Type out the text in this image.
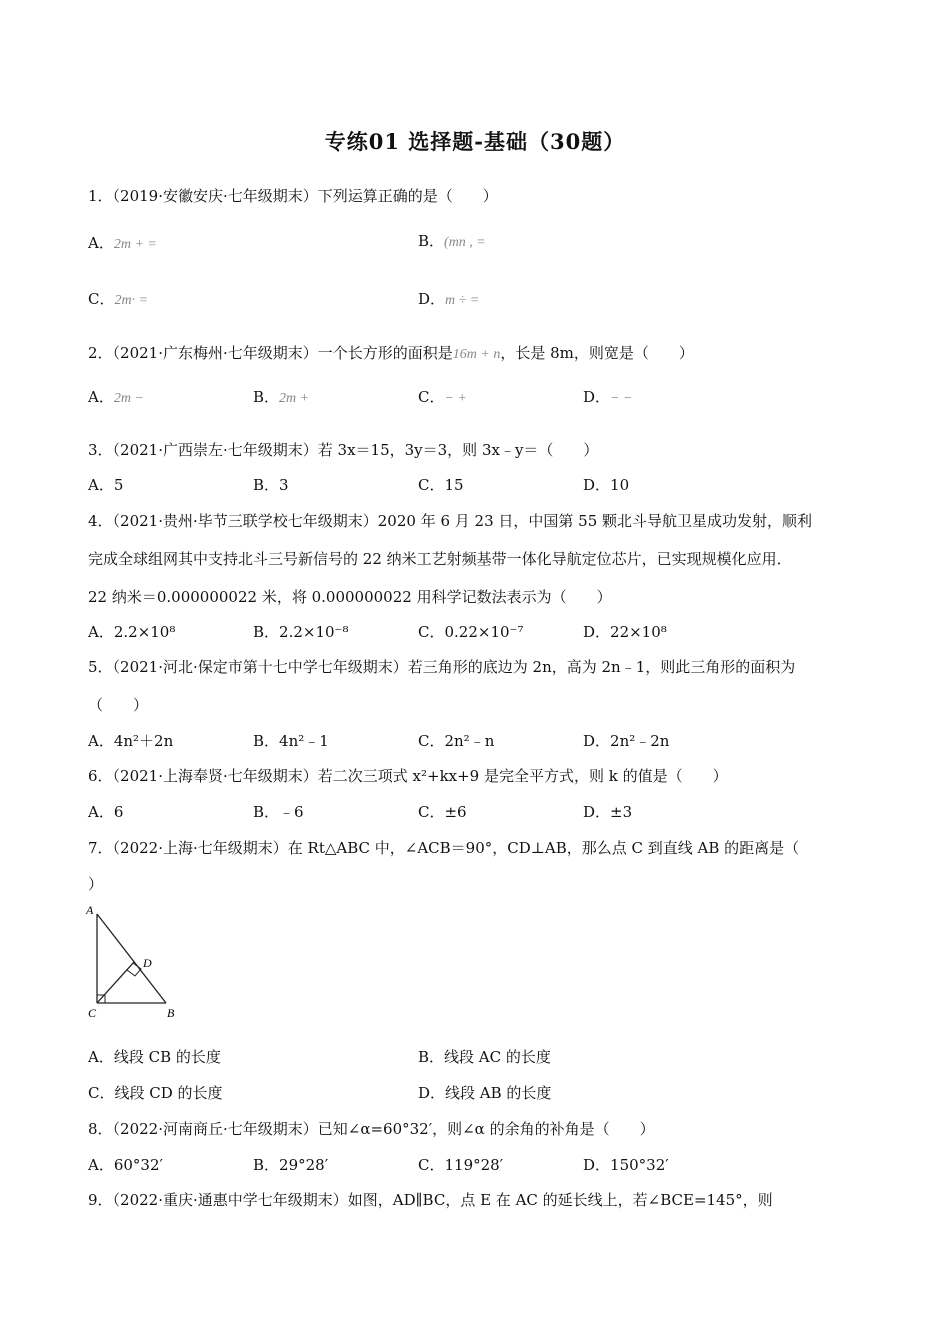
专练01 选择题-基础（30题）
1．（2019·安徽安庆·七年级期末）下列运算正确的是（　　）
A．2m + =	B．(mn , =
C．2m· =	D．m ÷ =
2．（2021·广东梅州·七年级期末）一个长方形的面积是16m + n，长是 8m，则宽是（　　）
A．2m −	B．2m +	C．− +	D．− −
3．（2021·广西崇左·七年级期末）若 3x＝15，3y＝3，则 3x﹣y＝（　　）
A．5	B．3	C．15	D．10
4．（2021·贵州·毕节三联学校七年级期末）2020 年 6 月 23 日，中国第 55 颗北斗导航卫星成功发射，顺利
完成全球组网其中支持北斗三号新信号的 22 纳米工艺射频基带一体化导航定位芯片，已实现规模化应用．
22 纳米＝0.000000022 米，将 0.000000022 用科学记数法表示为（　　）
A．2.2×10⁸	B．2.2×10⁻⁸	C．0.22×10⁻⁷	D．22×10⁸
5．（2021·河北·保定市第十七中学七年级期末）若三角形的底边为 2n，高为 2n﹣1，则此三角形的面积为
（　　）
A．4n²＋2n	B．4n²﹣1	C．2n²﹣n	D．2n²﹣2n
6．（2021·上海奉贤·七年级期末）若二次三项式 x²+kx+9 是完全平方式，则 k 的值是（　　）
A．6	B．﹣6	C．±6	D．±3
7．（2022·上海·七年级期末）在 Rt△ABC 中，∠ACB＝90°，CD⊥AB，那么点 C 到直线 AB 的距离是（
）
A
D
C	B
A．线段 CB 的长度	B．线段 AC 的长度
C．线段 CD 的长度	D．线段 AB 的长度
8．（2022·河南商丘·七年级期末）已知∠α=60°32′，则∠α 的余角的补角是（　　）
A．60°32′	B．29°28′	C．119°28′	D．150°32′
9．（2022·重庆·通惠中学七年级期末）如图，AD∥BC，点 E 在 AC 的延长线上，若∠BCE=145°，则
